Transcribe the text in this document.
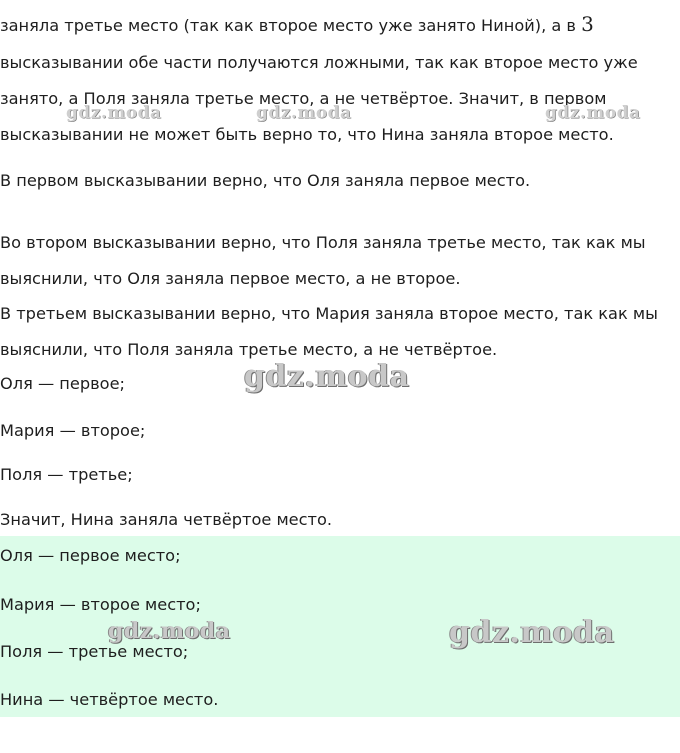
заняла третье место (так как второе место уже занято Ниной), а в 3
высказывании обе части получаются ложными, так как второе место уже
занято, а Поля заняла третье место, а не четвёртое. Значит, в первом
высказывании не может быть верно то, что Нина заняла второе место.
В первом высказывании верно, что Оля заняла первое место.
Во втором высказывании верно, что Поля заняла третье место, так как мы
выяснили, что Оля заняла первое место, а не второе.
В третьем высказывании верно, что Мария заняла второе место, так как мы
выяснили, что Поля заняла третье место, а не четвёртое.
Оля — первое;
Мария — второе;
Поля — третье;
Значит, Нина заняла четвёртое место.
Оля — первое место;
Мария — второе место;
Поля — третье место;
Нина — четвёртое место.
gdz.moda	gdz.moda	gdz.moda
gdz.moda
gdz.moda	gdz.moda
